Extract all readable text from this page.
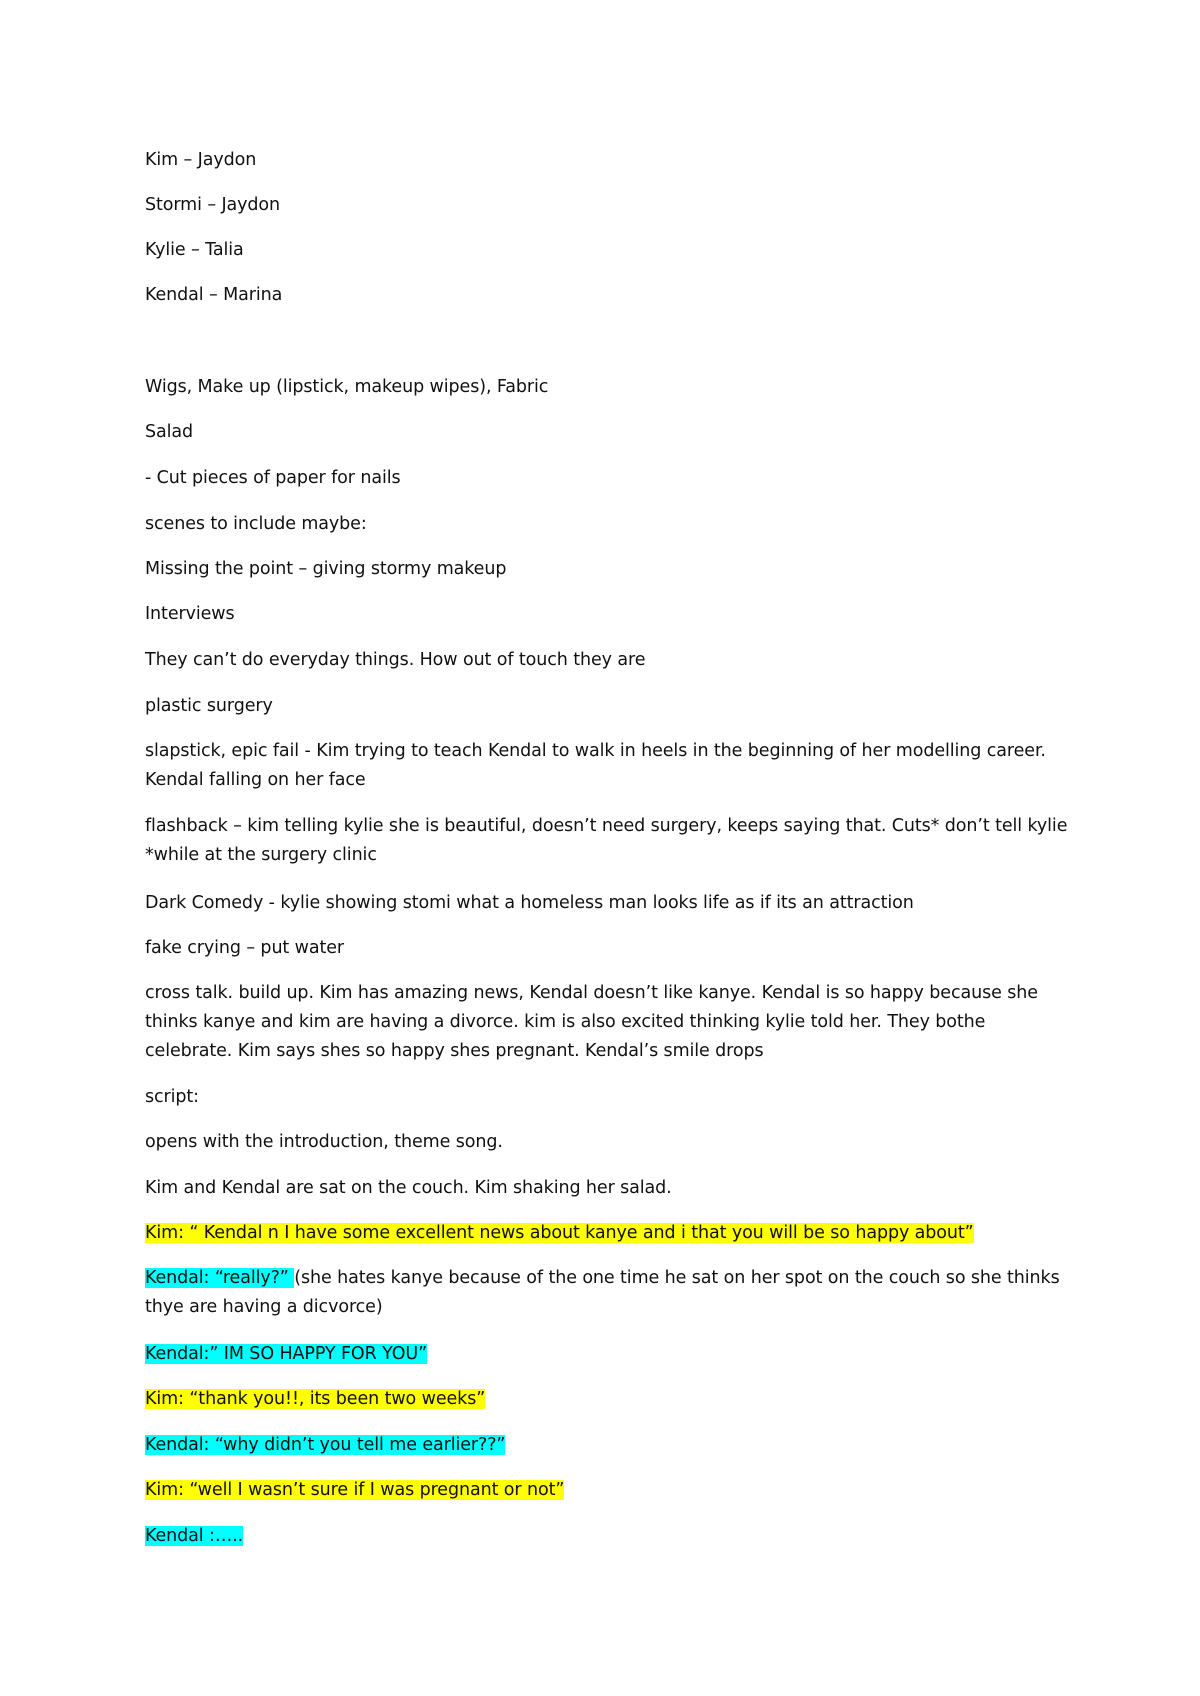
Kim – Jaydon
Stormi – Jaydon
Kylie – Talia
Kendal – Marina
Wigs, Make up (lipstick, makeup wipes), Fabric
Salad
- Cut pieces of paper for nails
scenes to include maybe:
Missing the point – giving stormy makeup
Interviews
They can’t do everyday things. How out of touch they are
plastic surgery
slapstick, epic fail - Kim trying to teach Kendal to walk in heels in the beginning of her modelling career. Kendal falling on her face
flashback – kim telling kylie she is beautiful, doesn’t need surgery, keeps saying that. Cuts* don’t tell kylie *while at the surgery clinic
Dark Comedy - kylie showing stomi what a homeless man looks life as if its an attraction
fake crying – put water
cross talk. build up. Kim has amazing news, Kendal doesn’t like kanye. Kendal is so happy because she thinks kanye and kim are having a divorce. kim is also excited thinking kylie told her. They bothe celebrate. Kim says shes so happy shes pregnant. Kendal’s smile drops
script:
opens with the introduction, theme song.
Kim and Kendal are sat on the couch. Kim shaking her salad.
Kim: “ Kendal n I have some excellent news about kanye and i that you will be so happy about”
Kendal: “really?” (she hates kanye because of the one time he sat on her spot on the couch so she thinks thye are having a dicvorce)
Kendal:” IM SO HAPPY FOR YOU”
Kim: “thank you!!, its been two weeks”
Kendal: “why didn’t you tell me earlier??”
Kim: “well I wasn’t sure if I was pregnant or not”
Kendal :…..
